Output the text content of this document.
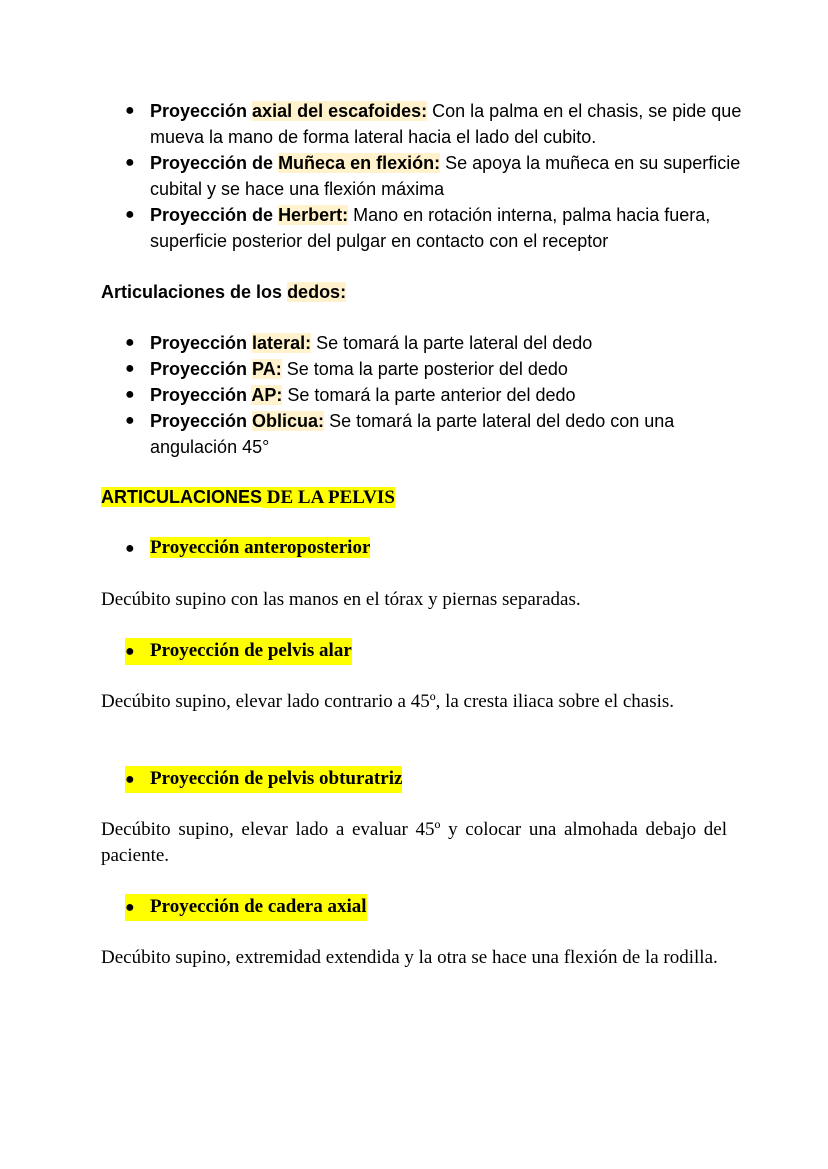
● Proyección axial del escafoides: Con la palma en el chasis, se pide que mueva la mano de forma lateral hacia el lado del cubito.
● Proyección de Muñeca en flexión: Se apoya la muñeca en su superficie cubital y se hace una flexión máxima
● Proyección de Herbert: Mano en rotación interna, palma hacia fuera, superficie posterior del pulgar en contacto con el receptor
Articulaciones de los dedos:
● Proyección lateral: Se tomará la parte lateral del dedo
● Proyección PA: Se toma la parte posterior del dedo
● Proyección AP: Se tomará la parte anterior del dedo
● Proyección Oblicua: Se tomará la parte lateral del dedo con una angulación 45°
ARTICULACIONES DE LA PELVIS
● Proyección anteroposterior
Decúbito supino con las manos en el tórax y piernas separadas.
● Proyección de pelvis alar
Decúbito supino, elevar lado contrario a 45º, la cresta iliaca sobre el chasis.
● Proyección de pelvis obturatriz
Decúbito supino, elevar lado a evaluar 45º y colocar una almohada debajo del paciente.
● Proyección de cadera axial
Decúbito supino, extremidad extendida y la otra se hace una flexión de la rodilla.
